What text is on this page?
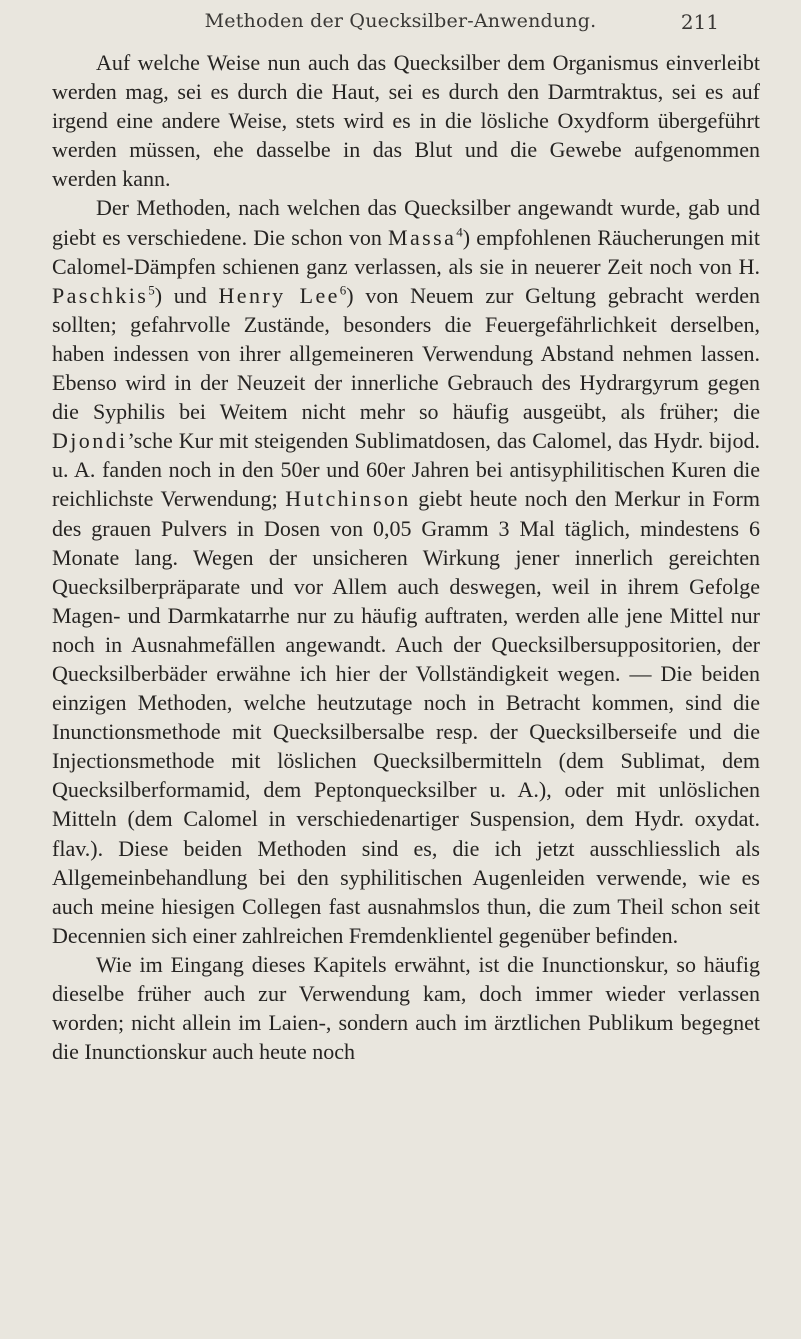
Methoden der Quecksilber-Anwendung.	211

Auf welche Weise nun auch das Quecksilber dem Organismus einverleibt werden mag, sei es durch die Haut, sei es durch den Darmtraktus, sei es auf irgend eine andere Weise, stets wird es in die lösliche Oxydform übergeführt werden müssen, ehe dasselbe in das Blut und die Gewebe aufgenommen werden kann.

Der Methoden, nach welchen das Quecksilber angewandt wurde, gab und giebt es verschiedene. Die schon von Massa$^4$) empfohlenen Räucherungen mit Calomel-Dämpfen schienen ganz verlassen, als sie in neuerer Zeit noch von H. Paschkis$^5$) und Henry Lee$^6$) von Neuem zur Geltung gebracht werden sollten; gefahrvolle Zustände, besonders die Feuergefährlichkeit derselben, haben indessen von ihrer allgemeineren Verwendung Abstand nehmen lassen. Ebenso wird in der Neuzeit der innerliche Gebrauch des Hydrargyrum gegen die Syphilis bei Weitem nicht mehr so häufig ausgeübt, als früher; die Djondi’sche Kur mit steigenden Sublimatdosen, das Calomel, das Hydr. bijod. u. A. fanden noch in den 50er und 60er Jahren bei antisyphilitischen Kuren die reichlichste Verwendung; Hutchinson giebt heute noch den Merkur in Form des grauen Pulvers in Dosen von 0,05 Gramm 3 Mal täglich, mindestens 6 Monate lang. Wegen der unsicheren Wirkung jener innerlich gereichten Quecksilberpräparate und vor Allem auch deswegen, weil in ihrem Gefolge Magen- und Darmkatarrhe nur zu häufig auftraten, werden alle jene Mittel nur noch in Ausnahmefällen angewandt. Auch der Quecksilbersuppositorien, der Quecksilberbäder erwähne ich hier der Vollständigkeit wegen. — Die beiden einzigen Methoden, welche heutzutage noch in Betracht kommen, sind die Inunctionsmethode mit Quecksilbersalbe resp. der Quecksilberseife und die Injectionsmethode mit löslichen Quecksilbermitteln (dem Sublimat, dem Quecksilberformamid, dem Peptonquecksilber u. A.), oder mit unlöslichen Mitteln (dem Calomel in verschiedenartiger Suspension, dem Hydr. oxydat. flav.). Diese beiden Methoden sind es, die ich jetzt ausschliesslich als Allgemeinbehandlung bei den syphilitischen Augenleiden verwende, wie es auch meine hiesigen Collegen fast ausnahmslos thun, die zum Theil schon seit Decennien sich einer zahlreichen Fremdenklientel gegenüber befinden.

Wie im Eingang dieses Kapitels erwähnt, ist die Inunctionskur, so häufig dieselbe früher auch zur Verwendung kam, doch immer wieder verlassen worden; nicht allein im Laien-, sondern auch im ärztlichen Publikum begegnet die Inunctionskur auch heute noch
